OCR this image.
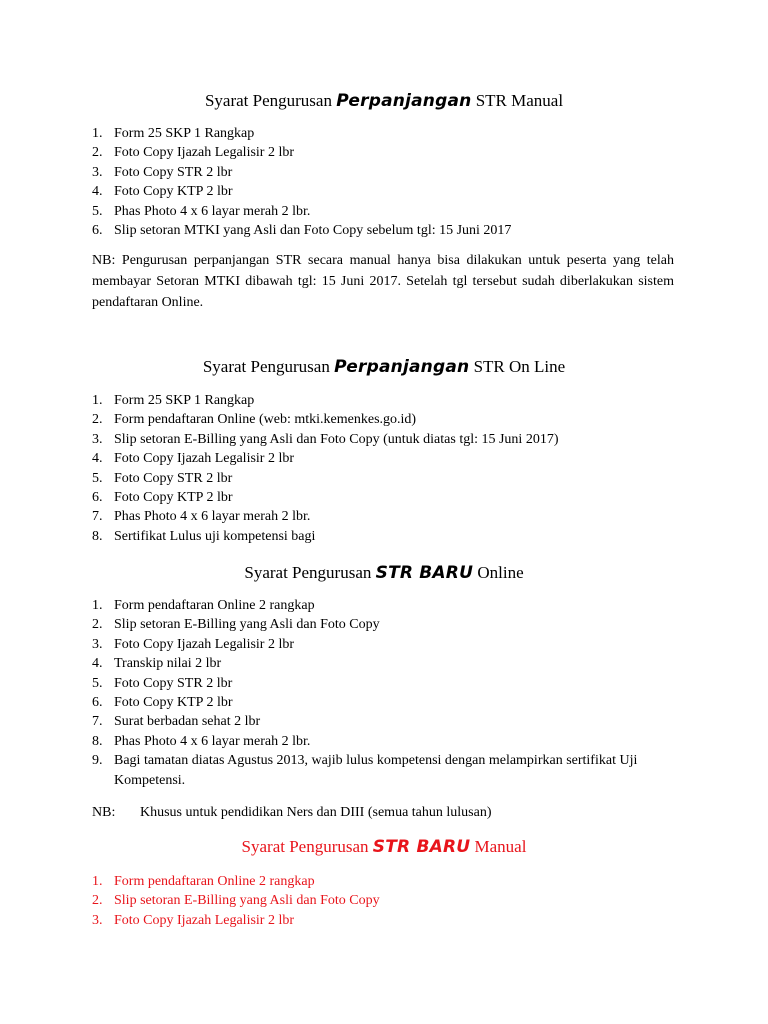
Syarat Pengurusan Perpanjangan STR Manual
1. Form 25 SKP 1 Rangkap
2. Foto Copy Ijazah Legalisir 2 lbr
3. Foto Copy STR 2 lbr
4. Foto Copy KTP 2 lbr
5. Phas Photo 4 x 6 layar merah 2 lbr.
6. Slip setoran MTKI yang Asli dan Foto Copy sebelum tgl: 15 Juni 2017

NB: Pengurusan perpanjangan STR secara manual hanya bisa dilakukan untuk peserta yang telah membayar Setoran MTKI dibawah tgl: 15 Juni 2017. Setelah tgl tersebut sudah diberlakukan sistem pendaftaran Online.

Syarat Pengurusan Perpanjangan STR On Line
1. Form 25 SKP 1 Rangkap
2. Form pendaftaran Online (web: mtki.kemenkes.go.id)
3. Slip setoran E-Billing yang Asli dan Foto Copy (untuk diatas tgl: 15 Juni 2017)
4. Foto Copy Ijazah Legalisir 2 lbr
5. Foto Copy STR 2 lbr
6. Foto Copy KTP 2 lbr
7. Phas Photo 4 x 6 layar merah 2 lbr.
8. Sertifikat Lulus uji kompetensi bagi
Syarat Pengurusan STR BARU Online
1. Form pendaftaran Online 2 rangkap
2. Slip setoran E-Billing yang Asli dan Foto Copy
3. Foto Copy Ijazah Legalisir 2 lbr
4. Transkip nilai 2 lbr
5. Foto Copy STR 2 lbr
6. Foto Copy KTP 2 lbr
7. Surat berbadan sehat 2 lbr
8. Phas Photo 4 x 6 layar merah 2 lbr.
9. Bagi tamatan diatas Agustus 2013, wajib lulus kompetensi dengan melampirkan sertifikat Uji Kompetensi.
NB: Khusus untuk pendidikan Ners dan DIII (semua tahun lulusan)
Syarat Pengurusan STR BARU Manual
1. Form pendaftaran Online 2 rangkap
2. Slip setoran E-Billing yang Asli dan Foto Copy
3. Foto Copy Ijazah Legalisir 2 lbr
